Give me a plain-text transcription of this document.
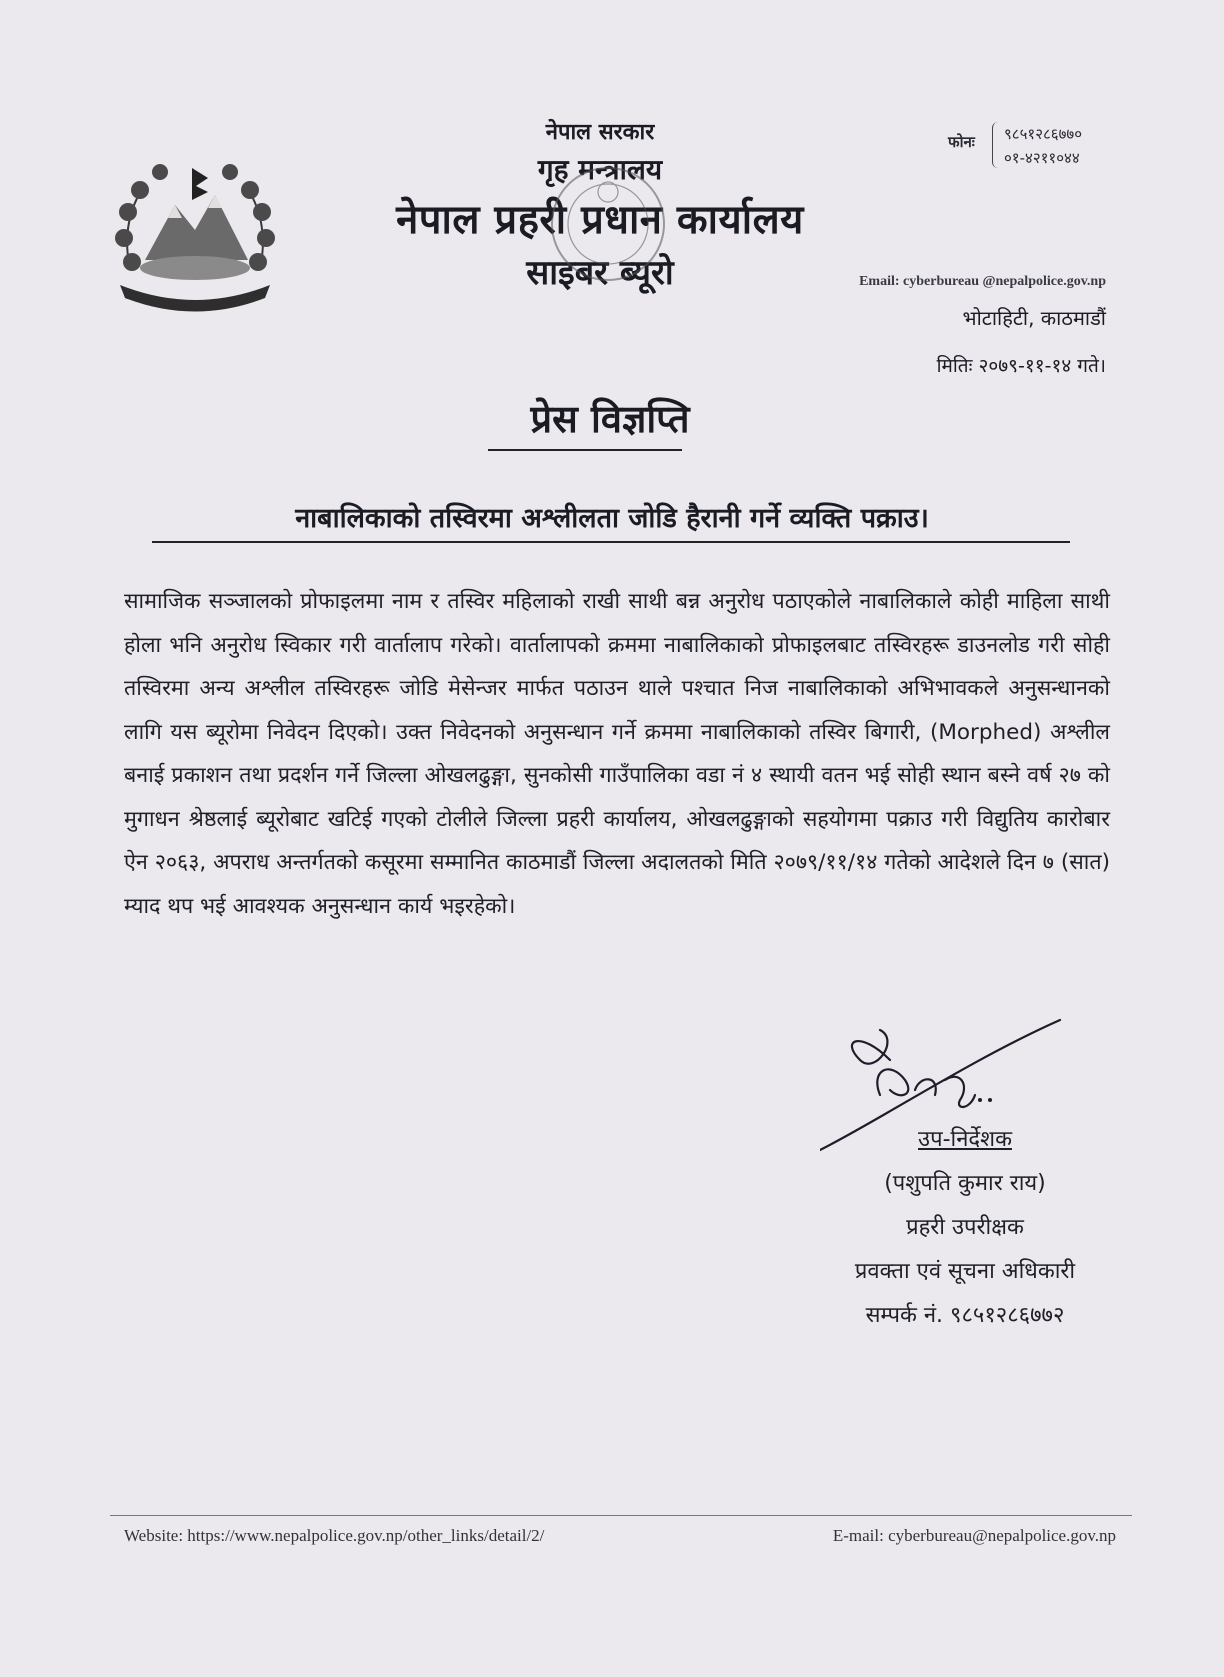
नेपाल सरकार
गृह मन्त्रालय
नेपाल प्रहरी प्रधान कार्यालय
साइबर ब्यूरो
फोनः ९८५१२८६७७०
०१-४२११०४४
Email: cyberbureau @nepalpolice.gov.np
भोटाहिटी, काठमाडौं
मितिः २०७९-११-१४ गते।
प्रेस विज्ञप्ति
नाबालिकाको तस्विरमा अश्लीलता जोडि हैरानी गर्ने व्यक्ति पक्राउ।
सामाजिक सञ्जालको प्रोफाइलमा नाम र तस्विर महिलाको राखी साथी बन्न अनुरोध पठाएकोले नाबालिकाले कोही माहिला साथी होला भनि अनुरोध स्विकार गरी वार्तालाप गरेको। वार्तालापको क्रममा नाबालिकाको प्रोफाइलबाट तस्विरहरू डाउनलोड गरी सोही तस्विरमा अन्य अश्लील तस्विरहरू जोडि मेसेन्जर मार्फत पठाउन थाले पश्चात निज नाबालिकाको अभिभावकले अनुसन्धानको लागि यस ब्यूरोमा निवेदन दिएको। उक्त निवेदनको अनुसन्धान गर्ने क्रममा नाबालिकाको तस्विर बिगारी, (Morphed) अश्लील बनाई प्रकाशन तथा प्रदर्शन गर्ने जिल्ला ओखलढुङ्गा, सुनकोसी गाउँपालिका वडा नं ४ स्थायी वतन भई सोही स्थान बस्ने वर्ष २७ को मुगाधन श्रेष्ठलाई ब्यूरोबाट खटिई गएको टोलीले जिल्ला प्रहरी कार्यालय, ओखलढुङ्गाको सहयोगमा पक्राउ गरी विद्युतिय कारोबार ऐन २०६३, अपराध अन्तर्गतको कसूरमा सम्मानित काठमाडौं जिल्ला अदालतको मिति २०७९/११/१४ गतेको आदेशले दिन ७ (सात) म्याद थप भई आवश्यक अनुसन्धान कार्य भइरहेको।
उप-निर्देशक
(पशुपति कुमार राय)
प्रहरी उपरीक्षक
प्रवक्ता एवं सूचना अधिकारी
सम्पर्क नं. ९८५१२८६७७२
Website: https://www.nepalpolice.gov.np/other_links/detail/2/	E-mail: cyberbureau@nepalpolice.gov.np
